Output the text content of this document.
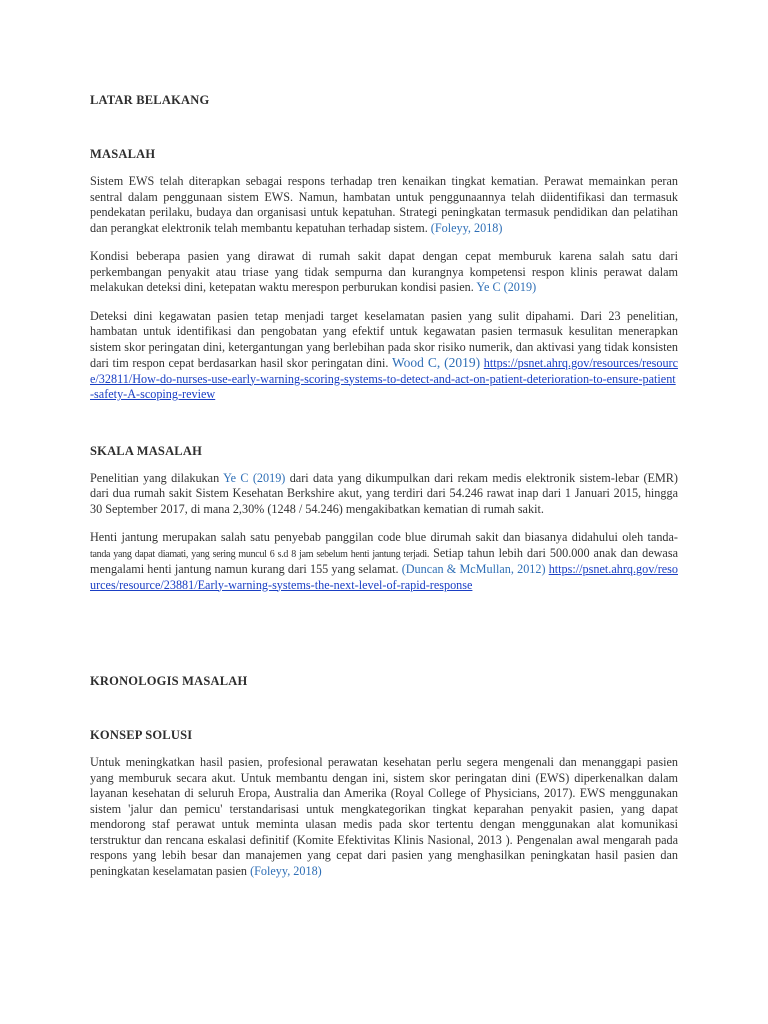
LATAR BELAKANG
MASALAH

Sistem EWS telah diterapkan sebagai respons terhadap tren kenaikan tingkat kematian. Perawat memainkan peran sentral dalam penggunaan sistem EWS. Namun, hambatan untuk penggunaannya telah diidentifikasi dan termasuk pendekatan perilaku, budaya dan organisasi untuk kepatuhan. Strategi peningkatan termasuk pendidikan dan pelatihan dan perangkat elektronik telah membantu kepatuhan terhadap sistem. (Foleyy, 2018)

Kondisi beberapa pasien yang dirawat di rumah sakit dapat dengan cepat memburuk karena salah satu dari perkembangan penyakit atau triase yang tidak sempurna dan kurangnya kompetensi respon klinis perawat dalam melakukan deteksi dini, ketepatan waktu merespon perburukan kondisi pasien. Ye C (2019)

Deteksi dini kegawatan pasien tetap menjadi target keselamatan pasien yang sulit dipahami. Dari 23 penelitian, hambatan untuk identifikasi dan pengobatan yang efektif untuk kegawatan pasien termasuk kesulitan menerapkan sistem skor peringatan dini, ketergantungan yang berlebihan pada skor risiko numerik, dan aktivasi yang tidak konsisten dari tim respon cepat berdasarkan hasil skor peringatan dini. Wood C, (2019) https://psnet.ahrq.gov/resources/resource/32811/How-do-nurses-use-early-warning-scoring-systems-to-detect-and-act-on-patient-deterioration-to-ensure-patient-safety-A-scoping-review

SKALA MASALAH

Penelitian yang dilakukan Ye C (2019) dari data yang dikumpulkan dari rekam medis elektronik sistem-lebar (EMR) dari dua rumah sakit Sistem Kesehatan Berkshire akut, yang terdiri dari 54.246 rawat inap dari 1 Januari 2015, hingga 30 September 2017, di mana 2,30% (1248 / 54.246) mengakibatkan kematian di rumah sakit.

Henti jantung merupakan salah satu penyebab panggilan code blue dirumah sakit dan biasanya didahului oleh tanda- tanda yang dapat diamati, yang sering muncul 6 s.d 8 jam sebelum henti jantung terjadi. Setiap tahun lebih dari 500.000 anak dan dewasa mengalami henti jantung namun kurang dari 155 yang selamat. (Duncan & McMullan, 2012) https://psnet.ahrq.gov/resources/resource/23881/Early-warning-systems-the-next-level-of-rapid-response

KRONOLOGIS MASALAH
KONSEP SOLUSI

Untuk meningkatkan hasil pasien, profesional perawatan kesehatan perlu segera mengenali dan menanggapi pasien yang memburuk secara akut. Untuk membantu dengan ini, sistem skor peringatan dini (EWS) diperkenalkan dalam layanan kesehatan di seluruh Eropa, Australia dan Amerika (Royal College of Physicians, 2017). EWS menggunakan sistem 'jalur dan pemicu' terstandarisasi untuk mengkategorikan tingkat keparahan penyakit pasien, yang dapat mendorong staf perawat untuk meminta ulasan medis pada skor tertentu dengan menggunakan alat komunikasi terstruktur dan rencana eskalasi definitif (Komite Efektivitas Klinis Nasional, 2013 ). Pengenalan awal mengarah pada respons yang lebih besar dan manajemen yang cepat dari pasien yang menghasilkan peningkatan hasil pasien dan peningkatan keselamatan pasien (Foleyy, 2018)
